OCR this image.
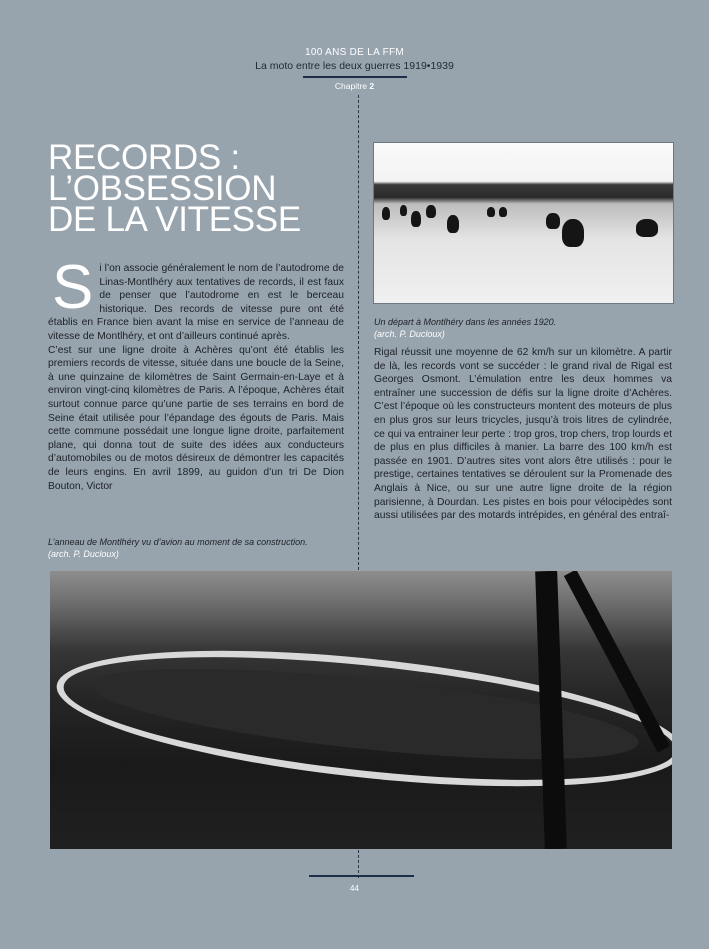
100 ANS DE LA FFM
La moto entre les deux guerres 1919•1939
Chapitre 2
RECORDS :
L’OBSESSION
DE LA VITESSE
S i l’on associe généralement le nom de l’autodrome de Linas-Montlhéry aux tentatives de records, il est faux de penser que l’autodrome en est le berceau historique. Des records de vitesse pure ont été établis en France bien avant la mise en service de l’anneau de vitesse de Montlhéry, et ont d’ailleurs continué après.

C’est sur une ligne droite à Achères qu’ont été établis les premiers records de vitesse, située dans une boucle de la Seine, à une quinzaine de kilomètres de Saint Germain-en-Laye et à environ vingt-cinq kilomètres de Paris. A l’époque, Achères était surtout connue parce qu’une partie de ses terrains en bord de Seine était utilisée pour l’épandage des égouts de Paris. Mais cette commune possédait une longue ligne droite, parfaitement plane, qui donna tout de suite des idées aux conducteurs d’automobiles ou de motos désireux de démontrer les capacités de leurs engins. En avril 1899, au guidon d’un tri De Dion Bouton, Victor

L’anneau de Montlhéry vu d’avion au moment de sa construction. (arch. P. Ducloux)
Un départ à Montlhéry dans les années 1920.
(arch. P. Ducloux)

Rigal réussit une moyenne de 62 km/h sur un kilomètre. A partir de là, les records vont se succéder : le grand rival de Rigal est Georges Osmont. L’émulation entre les deux hommes va entraîner une succession de défis sur la ligne droite d’Achères. C’est l’époque où les constructeurs montent des moteurs de plus en plus gros sur leurs tricycles, jusqu’à trois litres de cylindrée, ce qui va entrainer leur perte : trop gros, trop chers, trop lourds et de plus en plus difficiles à manier. La barre des 100 km/h est passée en 1901. D’autres sites vont alors être utilisés : pour le prestige, certaines tentatives se déroulent sur la Promenade des Anglais à Nice, ou sur une autre ligne droite de la région parisienne, à Dourdan. Les pistes en bois pour vélocipèdes sont aussi utilisées par des motards intrépides, en général des entraî-

44
